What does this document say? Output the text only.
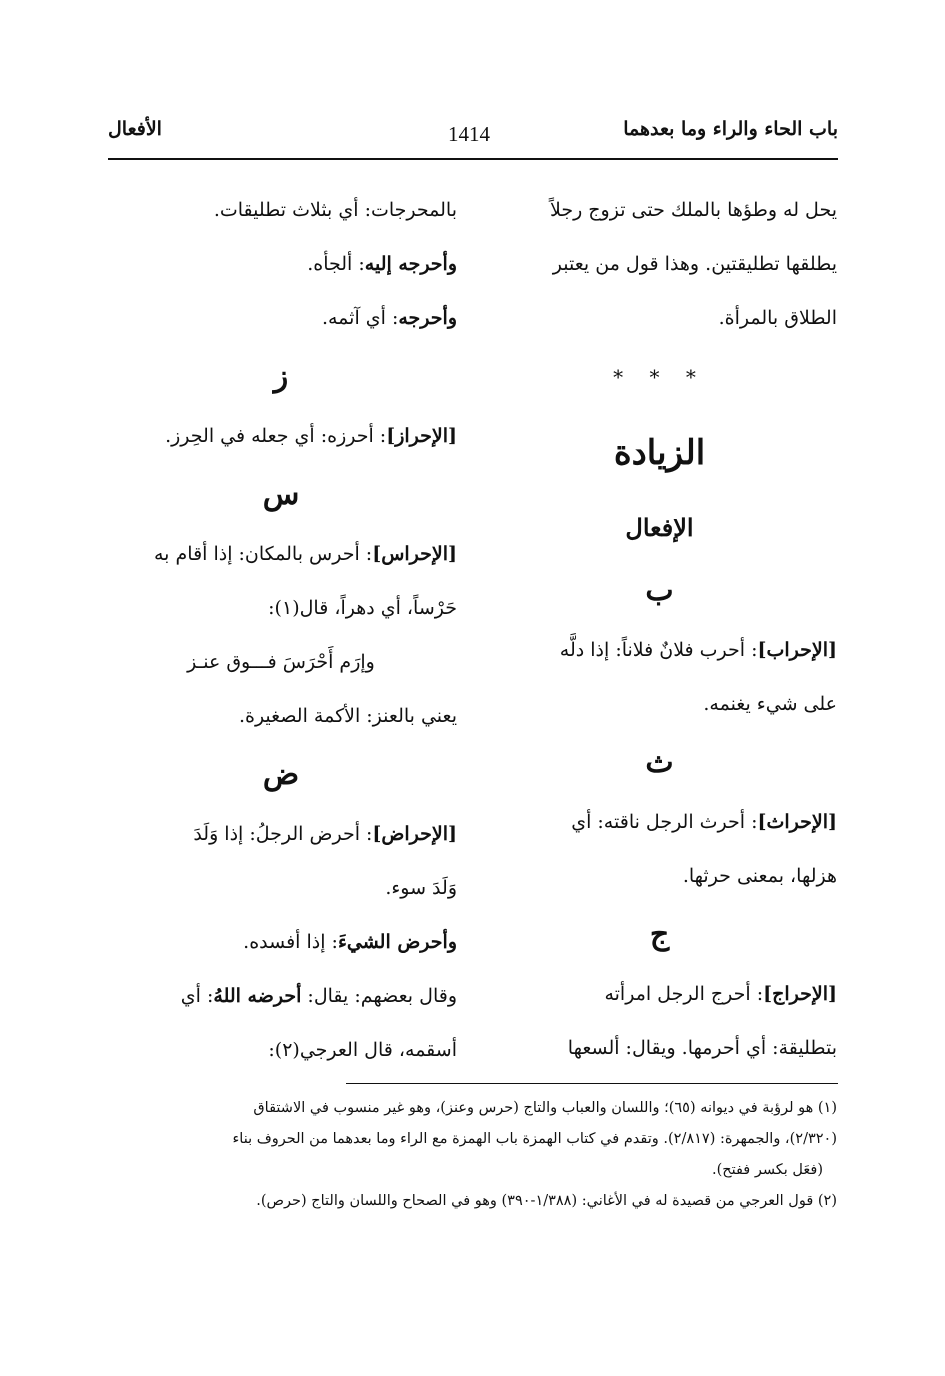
باب الحاء والراء وما بعدهما
1414
الأفعال
يحل له وطؤها بالملك حتى تزوج رجلاً
يطلقها تطليقتين. وهذا قول من يعتبر
الطلاق بالمرأة.
* * *
الزيادة
الإفعال
ب
[الإحراب]: أحرب فلانٌ فلاناً: إذا دلَّه
على شيء يغنمه.
ث
[الإحراث]: أحرث الرجل ناقته: أي
هزلها، بمعنى حرثها.
ج
[الإحراج]: أحرج الرجل امرأته
بتطليقة: أي أحرمها. ويقال: ألسعها
بالمحرجات: أي بثلاث تطليقات.
وأحرجه إليه: ألجأه.
وأحرجه: أي آثمه.
ز
[الإحراز]: أحرزه: أي جعله في الحِرز.
س
[الإحراس]: أحرس بالمكان: إذا أقام به
حَرْساً، أي دهراً، قال(١):
وإرَم أَحْرَسَ فـــوق عنـز
يعني بالعنز: الأكمة الصغيرة.
ض
[الإحراض]: أحرض الرجلُ: إذا وَلَدَ
وَلَدَ سوء.
وأحرض الشيءَ: إذا أفسده.
وقال بعضهم: يقال: أحرضه اللهُ: أي
أسقمه، قال العرجي(٢):
(١) هو لرؤبة في ديوانه (٦٥)؛ واللسان والعباب والتاج (حرس وعنز)، وهو غير منسوب في الاشتقاق
(٢/٣٢٠)، والجمهرة: (٢/٨١٧). وتقدم في كتاب الهمزة باب الهمزة مع الراء وما بعدهما من الحروف بناء
(فعَل بكسر ففتح).
(٢) قول العرجي من قصيدة له في الأغاني: (١/٣٨٨-٣٩٠) وهو في الصحاح واللسان والتاج (حرص).
